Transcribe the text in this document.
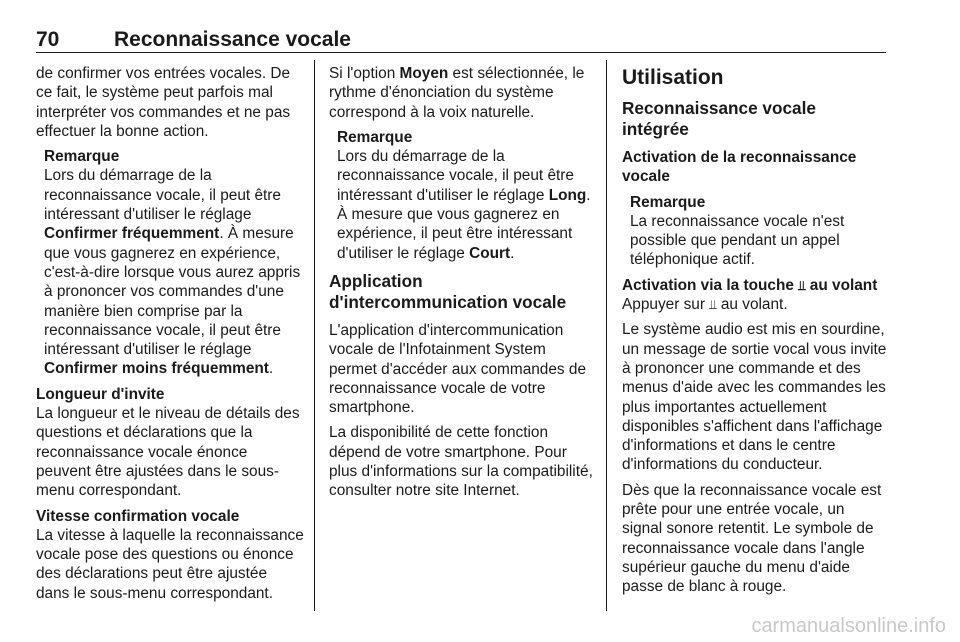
70	Reconnaissance vocale

de confirmer vos entrées vocales. De ce fait, le système peut parfois mal interpréter vos commandes et ne pas effectuer la bonne action.

Remarque

Lors du démarrage de la reconnaissance vocale, il peut être intéressant d'utiliser le réglage Confirmer fréquemment. À mesure que vous gagnerez en expérience, c'est-à-dire lorsque vous aurez appris à prononcer vos commandes d'une manière bien comprise par la reconnaissance vocale, il peut être intéressant d'utiliser le réglage Confirmer moins fréquemment.

Longueur d'invite

La longueur et le niveau de détails des questions et déclarations que la reconnaissance vocale énonce peuvent être ajustées dans le sous-menu correspondant.

Vitesse confirmation vocale

La vitesse à laquelle la reconnaissance vocale pose des questions ou énonce des déclarations peut être ajustée dans le sous-menu correspondant.

Si l'option Moyen est sélectionnée, le rythme d'énonciation du système correspond à la voix naturelle.

Remarque

Lors du démarrage de la reconnaissance vocale, il peut être intéressant d'utiliser le réglage Long. À mesure que vous gagnerez en expérience, il peut être intéressant d'utiliser le réglage Court.

Application d'intercommunication vocale

L'application d'intercommunication vocale de l'Infotainment System permet d'accéder aux commandes de reconnaissance vocale de votre smartphone.

La disponibilité de cette fonction dépend de votre smartphone. Pour plus d'informations sur la compatibilité, consulter notre site Internet.

Utilisation
Reconnaissance vocale intégrée
Activation de la reconnaissance vocale

Remarque

La reconnaissance vocale n'est possible que pendant un appel téléphonique actif.

Activation via la touche ⫫ au volant

Appuyer sur ⫫ au volant.

Le système audio est mis en sourdine, un message de sortie vocal vous invite à prononcer une commande et des menus d'aide avec les commandes les plus importantes actuellement disponibles s'affichent dans l'affichage d'informations et dans le centre d'informations du conducteur.

Dès que la reconnaissance vocale est prête pour une entrée vocale, un signal sonore retentit. Le symbole de reconnaissance vocale dans l'angle supérieur gauche du menu d'aide passe de blanc à rouge.

carmanualsonline.info
